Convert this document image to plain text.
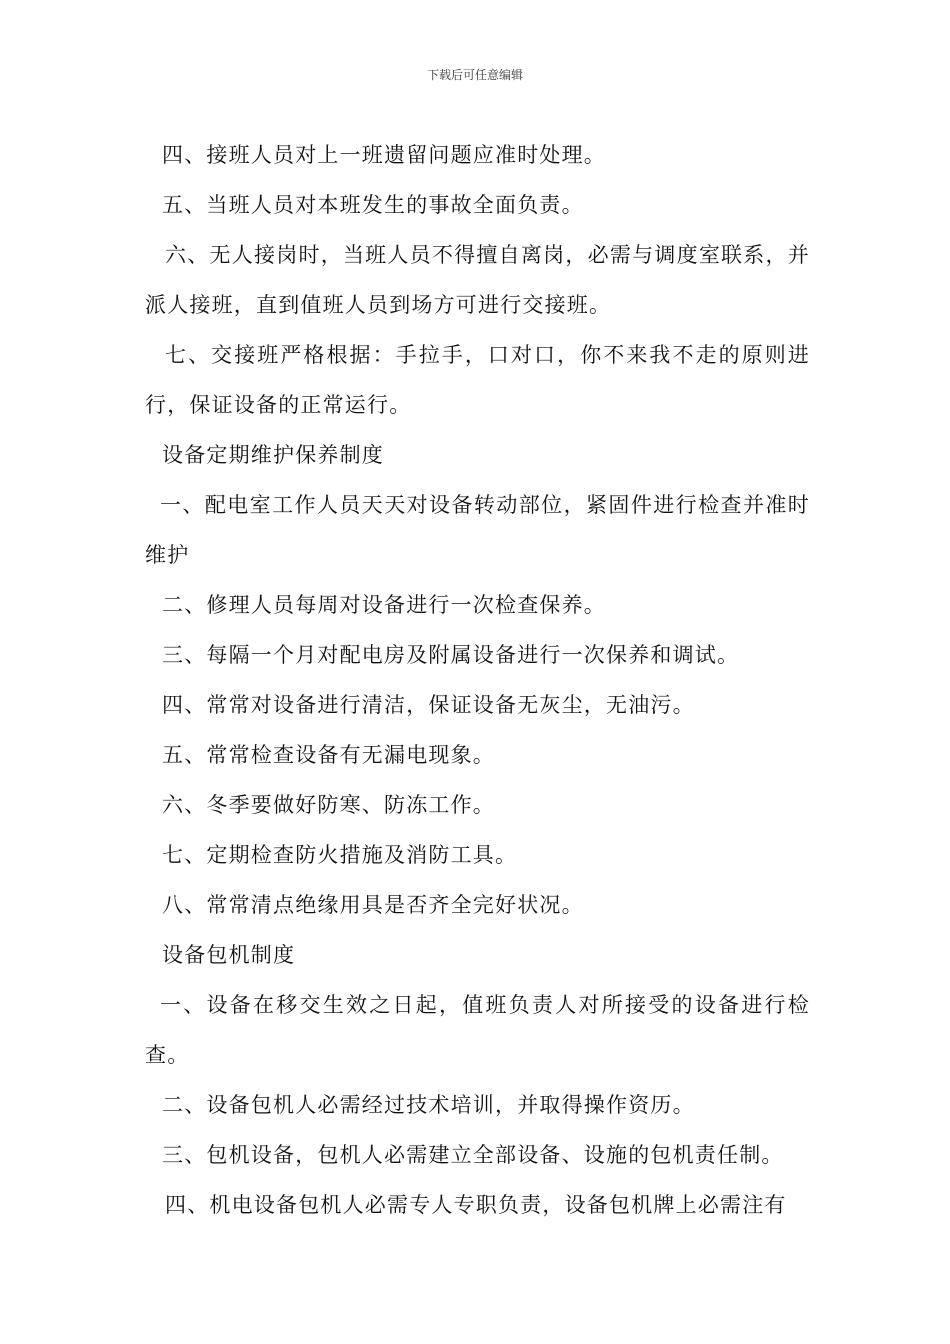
下载后可任意编辑

四、接班人员对上一班遗留问题应准时处理。

五、当班人员对本班发生的事故全面负责。

六、无人接岗时，当班人员不得擅自离岗，必需与调度室联系，并派人接班，直到值班人员到场方可进行交接班。

七、交接班严格根据：手拉手，口对口，你不来我不走的原则进行，保证设备的正常运行。

设备定期维护保养制度

一、配电室工作人员天天对设备转动部位，紧固件进行检查并准时维护

二、修理人员每周对设备进行一次检查保养。

三、每隔一个月对配电房及附属设备进行一次保养和调试。

四、常常对设备进行清洁，保证设备无灰尘，无油污。

五、常常检查设备有无漏电现象。

六、冬季要做好防寒、防冻工作。

七、定期检查防火措施及消防工具。

八、常常清点绝缘用具是否齐全完好状况。

设备包机制度

一、设备在移交生效之日起，值班负责人对所接受的设备进行检查。

二、设备包机人必需经过技术培训，并取得操作资历。

三、包机设备，包机人必需建立全部设备、设施的包机责任制。

四、机电设备包机人必需专人专职负责，设备包机牌上必需注有
